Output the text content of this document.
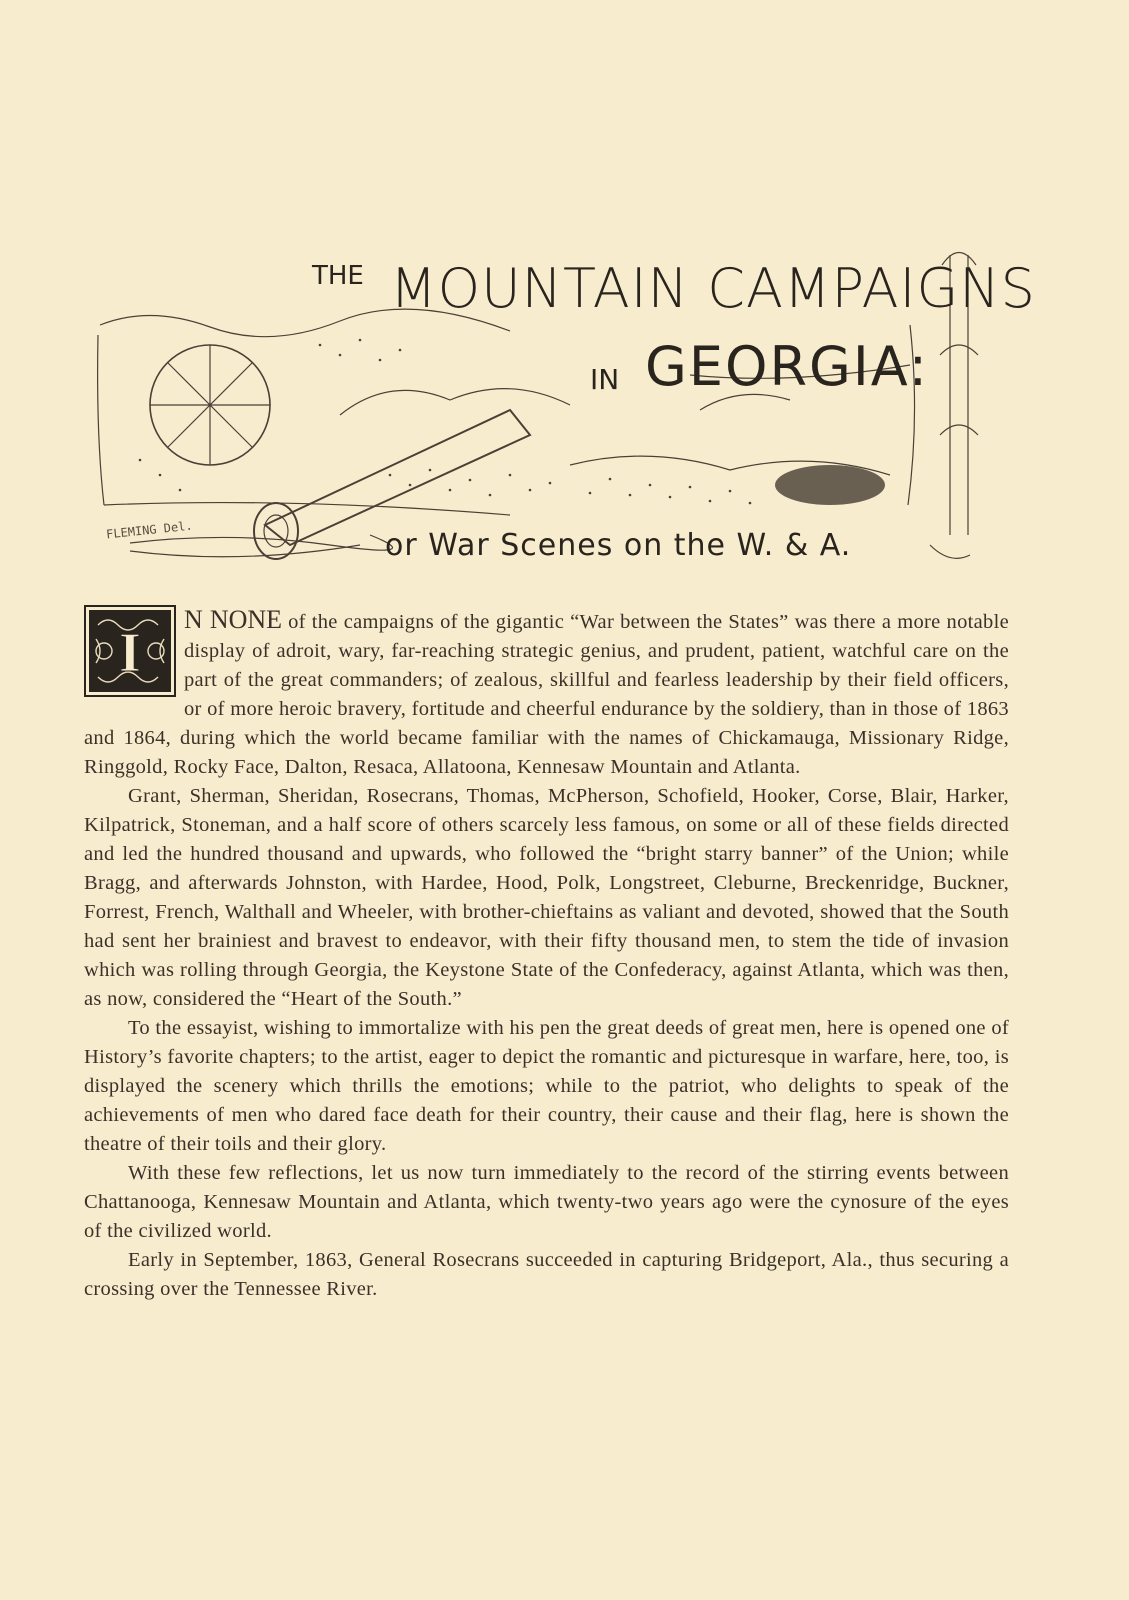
THE MOUNTAIN CAMPAIGNS
IN GEORGIA:
or War Scenes on the W. & A.
FLEMING Del.

I
N NONE of the campaigns of the gigantic “War between the States” was there a more notable display of adroit, wary, far-reaching strategic genius, and prudent, patient, watchful care on the part of the great commanders; of zealous, skillful and fearless leadership by their field officers, or of more heroic bravery, fortitude and cheerful endurance by the soldiery, than in those of 1863 and 1864, during which the world became familiar with the names of Chickamauga, Missionary Ridge, Ringgold, Rocky Face, Dalton, Resaca, Allatoona, Kennesaw Mountain and Atlanta.

Grant, Sherman, Sheridan, Rosecrans, Thomas, McPherson, Schofield, Hooker, Corse, Blair, Harker, Kilpatrick, Stoneman, and a half score of others scarcely less famous, on some or all of these fields directed and led the hundred thousand and upwards, who followed the “bright starry banner” of the Union; while Bragg, and afterwards Johnston, with Hardee, Hood, Polk, Longstreet, Cleburne, Breckenridge, Buckner, Forrest, French, Walthall and Wheeler, with brother-chieftains as valiant and devoted, showed that the South had sent her brainiest and bravest to endeavor, with their fifty thousand men, to stem the tide of invasion which was rolling through Georgia, the Keystone State of the Confederacy, against Atlanta, which was then, as now, considered the “Heart of the South.”

To the essayist, wishing to immortalize with his pen the great deeds of great men, here is opened one of History’s favorite chapters; to the artist, eager to depict the romantic and picturesque in warfare, here, too, is displayed the scenery which thrills the emotions; while to the patriot, who delights to speak of the achievements of men who dared face death for their country, their cause and their flag, here is shown the theatre of their toils and their glory.

With these few reflections, let us now turn immediately to the record of the stirring events between Chattanooga, Kennesaw Mountain and Atlanta, which twenty-two years ago were the cynosure of the eyes of the civilized world.

Early in September, 1863, General Rosecrans succeeded in capturing Bridgeport, Ala., thus securing a crossing over the Tennessee River.
